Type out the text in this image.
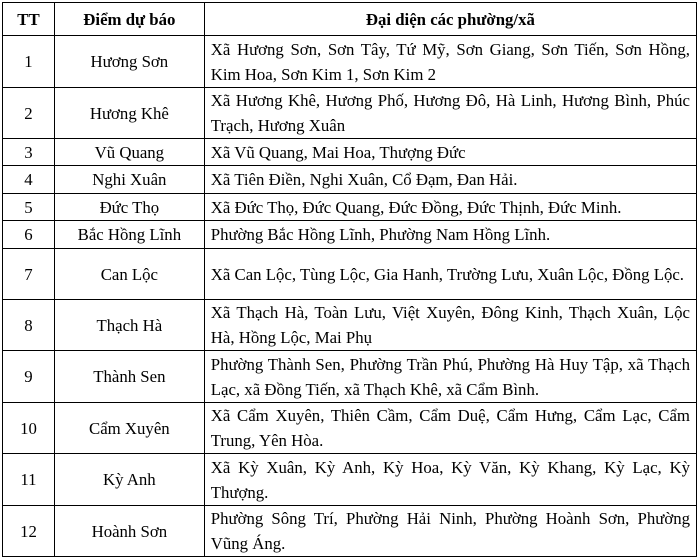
TT	Điểm dự báo	Đại diện các phường/xã
1	Hương Sơn	Xã Hương Sơn, Sơn Tây, Tứ Mỹ, Sơn Giang, Sơn Tiến, Sơn Hồng, Kim Hoa, Sơn Kim 1, Sơn Kim 2
2	Hương Khê	Xã Hương Khê, Hương Phố, Hương Đô, Hà Linh, Hương Bình, Phúc Trạch, Hương Xuân
3	Vũ Quang	Xã Vũ Quang, Mai Hoa, Thượng Đức
4	Nghi Xuân	Xã Tiên Điền, Nghi Xuân, Cổ Đạm, Đan Hải.
5	Đức Thọ	Xã Đức Thọ, Đức Quang, Đức Đồng, Đức Thịnh, Đức Minh.
6	Bắc Hồng Lĩnh	Phường Bắc Hồng Lĩnh, Phường Nam Hồng Lĩnh.
7	Can Lộc	Xã Can Lộc, Tùng Lộc, Gia Hanh, Trường Lưu, Xuân Lộc, Đồng Lộc.
8	Thạch Hà	Xã Thạch Hà, Toàn Lưu, Việt Xuyên, Đông Kinh, Thạch Xuân, Lộc Hà, Hồng Lộc, Mai Phụ
9	Thành Sen	Phường Thành Sen, Phường Trần Phú, Phường Hà Huy Tập, xã Thạch Lạc, xã Đồng Tiến, xã Thạch Khê, xã Cẩm Bình.
10	Cẩm Xuyên	Xã Cẩm Xuyên, Thiên Cầm, Cẩm Duệ, Cẩm Hưng, Cẩm Lạc, Cẩm Trung, Yên Hòa.
11	Kỳ Anh	Xã Kỳ Xuân, Kỳ Anh, Kỳ Hoa, Kỳ Văn, Kỳ Khang, Kỳ Lạc, Kỳ Thượng.
12	Hoành Sơn	Phường Sông Trí, Phường Hải Ninh, Phường Hoành Sơn, Phường Vũng Áng.
